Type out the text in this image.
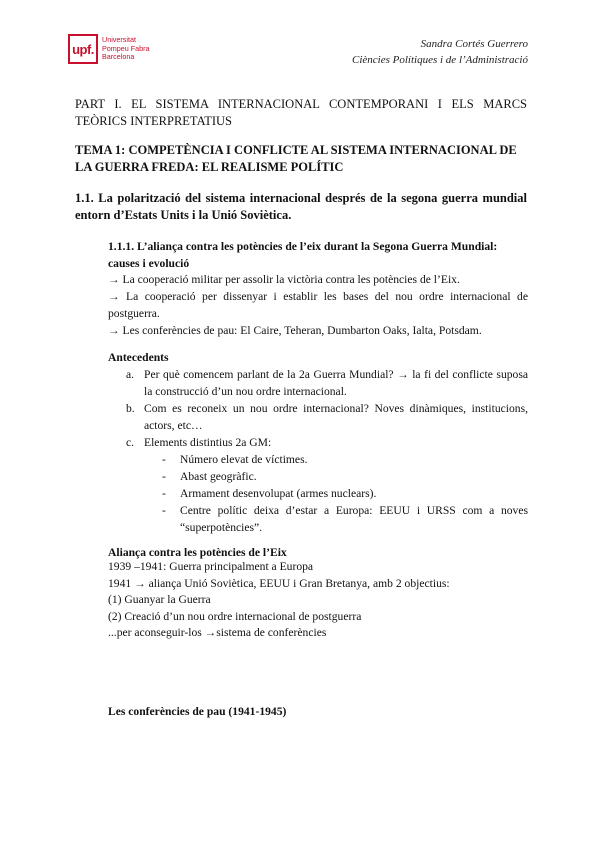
upf.
Universitat
Pompeu Fabra
Barcelona
Sandra Cortés Guerrero
Ciències Polítiques i de l’Administració
PART I. EL SISTEMA INTERNACIONAL CONTEMPORANI I ELS MARCS TEÒRICS INTERPRETATIUS
TEMA 1: COMPETÈNCIA I CONFLICTE AL SISTEMA INTERNACIONAL DE LA GUERRA FREDA: EL REALISME POLÍTIC
1.1. La polarització del sistema internacional després de la segona guerra mundial entorn d’Estats Units i la Unió Soviètica.
1.1.1. L’aliança contra les potències de l’eix durant la Segona Guerra Mundial: causes i evolució

→ La cooperació militar per assolir la victòria contra les potències de l’Eix.

→ La cooperació per dissenyar i establir les bases del nou ordre internacional de postguerra.

→ Les conferències de pau: El Caire, Teheran, Dumbarton Oaks, Ialta, Potsdam.

Antecedents
a. Per què comencem parlant de la 2a Guerra Mundial? → la fi del conflicte suposa la construcció d’un nou ordre internacional.
b. Com es reconeix un nou ordre internacional? Noves dinàmiques, institucions, actors, etc…
c. Elements distintius 2a GM:
- Número elevat de víctimes.
- Abast geogràfic.
- Armament desenvolupat (armes nuclears).
- Centre polític deixa d’estar a Europa: EEUU i URSS com a noves “superpotències”.
Aliança contra les potències de l’Eix

1939 –1941: Guerra principalment a Europa

1941 → aliança Unió Soviètica, EEUU i Gran Bretanya, amb 2 objectius:

(1) Guanyar la Guerra

(2) Creació d’un nou ordre internacional de postguerra

...per aconseguir-los →sistema de conferències

Les conferències de pau (1941-1945)
